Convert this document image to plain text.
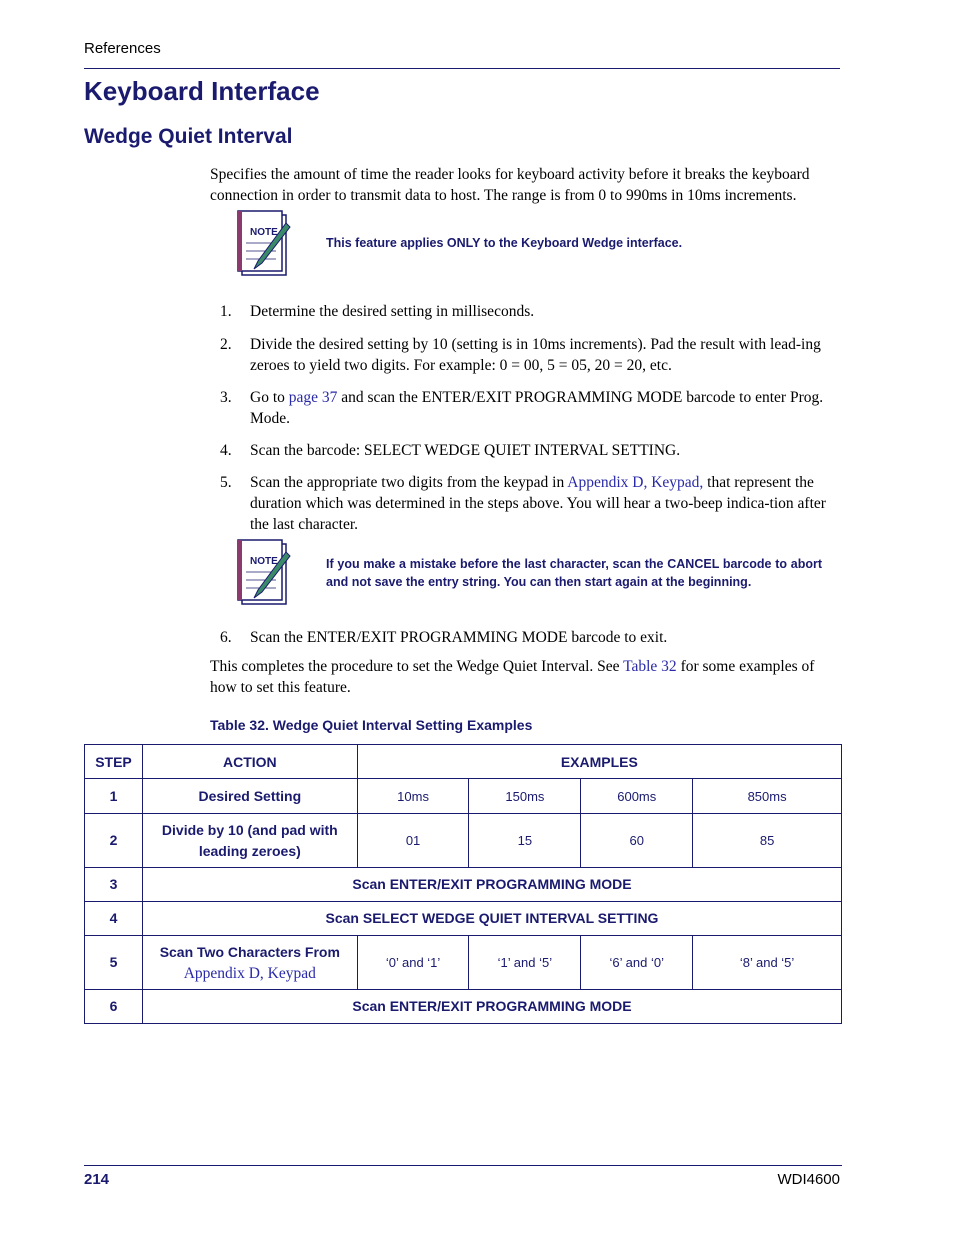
References
Keyboard Interface
Wedge Quiet Interval
Specifies the amount of time the reader looks for keyboard activity before it breaks the keyboard connection in order to transmit data to host. The range is from 0 to 990ms in 10ms increments.
NOTE
This feature applies ONLY to the Keyboard Wedge interface.
1. Determine the desired setting in milliseconds.
2. Divide the desired setting by 10 (setting is in 10ms increments). Pad the result with lead-ing zeroes to yield two digits. For example: 0 = 00, 5 = 05, 20 = 20, etc.
3. Go to page 37 and scan the ENTER/EXIT PROGRAMMING MODE barcode to enter Prog. Mode.
4. Scan the barcode: SELECT WEDGE QUIET INTERVAL SETTING.
5. Scan the appropriate two digits from the keypad in Appendix D, Keypad, that represent the duration which was determined in the steps above. You will hear a two-beep indica-tion after the last character.
NOTE	If you make a mistake before the last character, scan the CANCEL barcode to abort and not save the entry string. You can then start again at the beginning.
6. Scan the ENTER/EXIT PROGRAMMING MODE barcode to exit.
This completes the procedure to set the Wedge Quiet Interval. See Table 32 for some examples of how to set this feature.
Table 32. Wedge Quiet Interval Setting Examples
STEP	ACTION	EXAMPLES			
1	Desired Setting	10ms	150ms	600ms	850ms
2	Divide by 10 (and pad with leading zeroes)	01	15	60	85
3	Scan ENTER/EXIT PROGRAMMING MODE				
4	Scan SELECT WEDGE QUIET INTERVAL SETTING				
5	Scan Two Characters From
Appendix D, Keypad	‘0’ and ‘1’	‘1’ and ‘5’	‘6’ and ‘0’	‘8’ and ‘5’
6	Scan ENTER/EXIT PROGRAMMING MODE				
214	WDI4600
